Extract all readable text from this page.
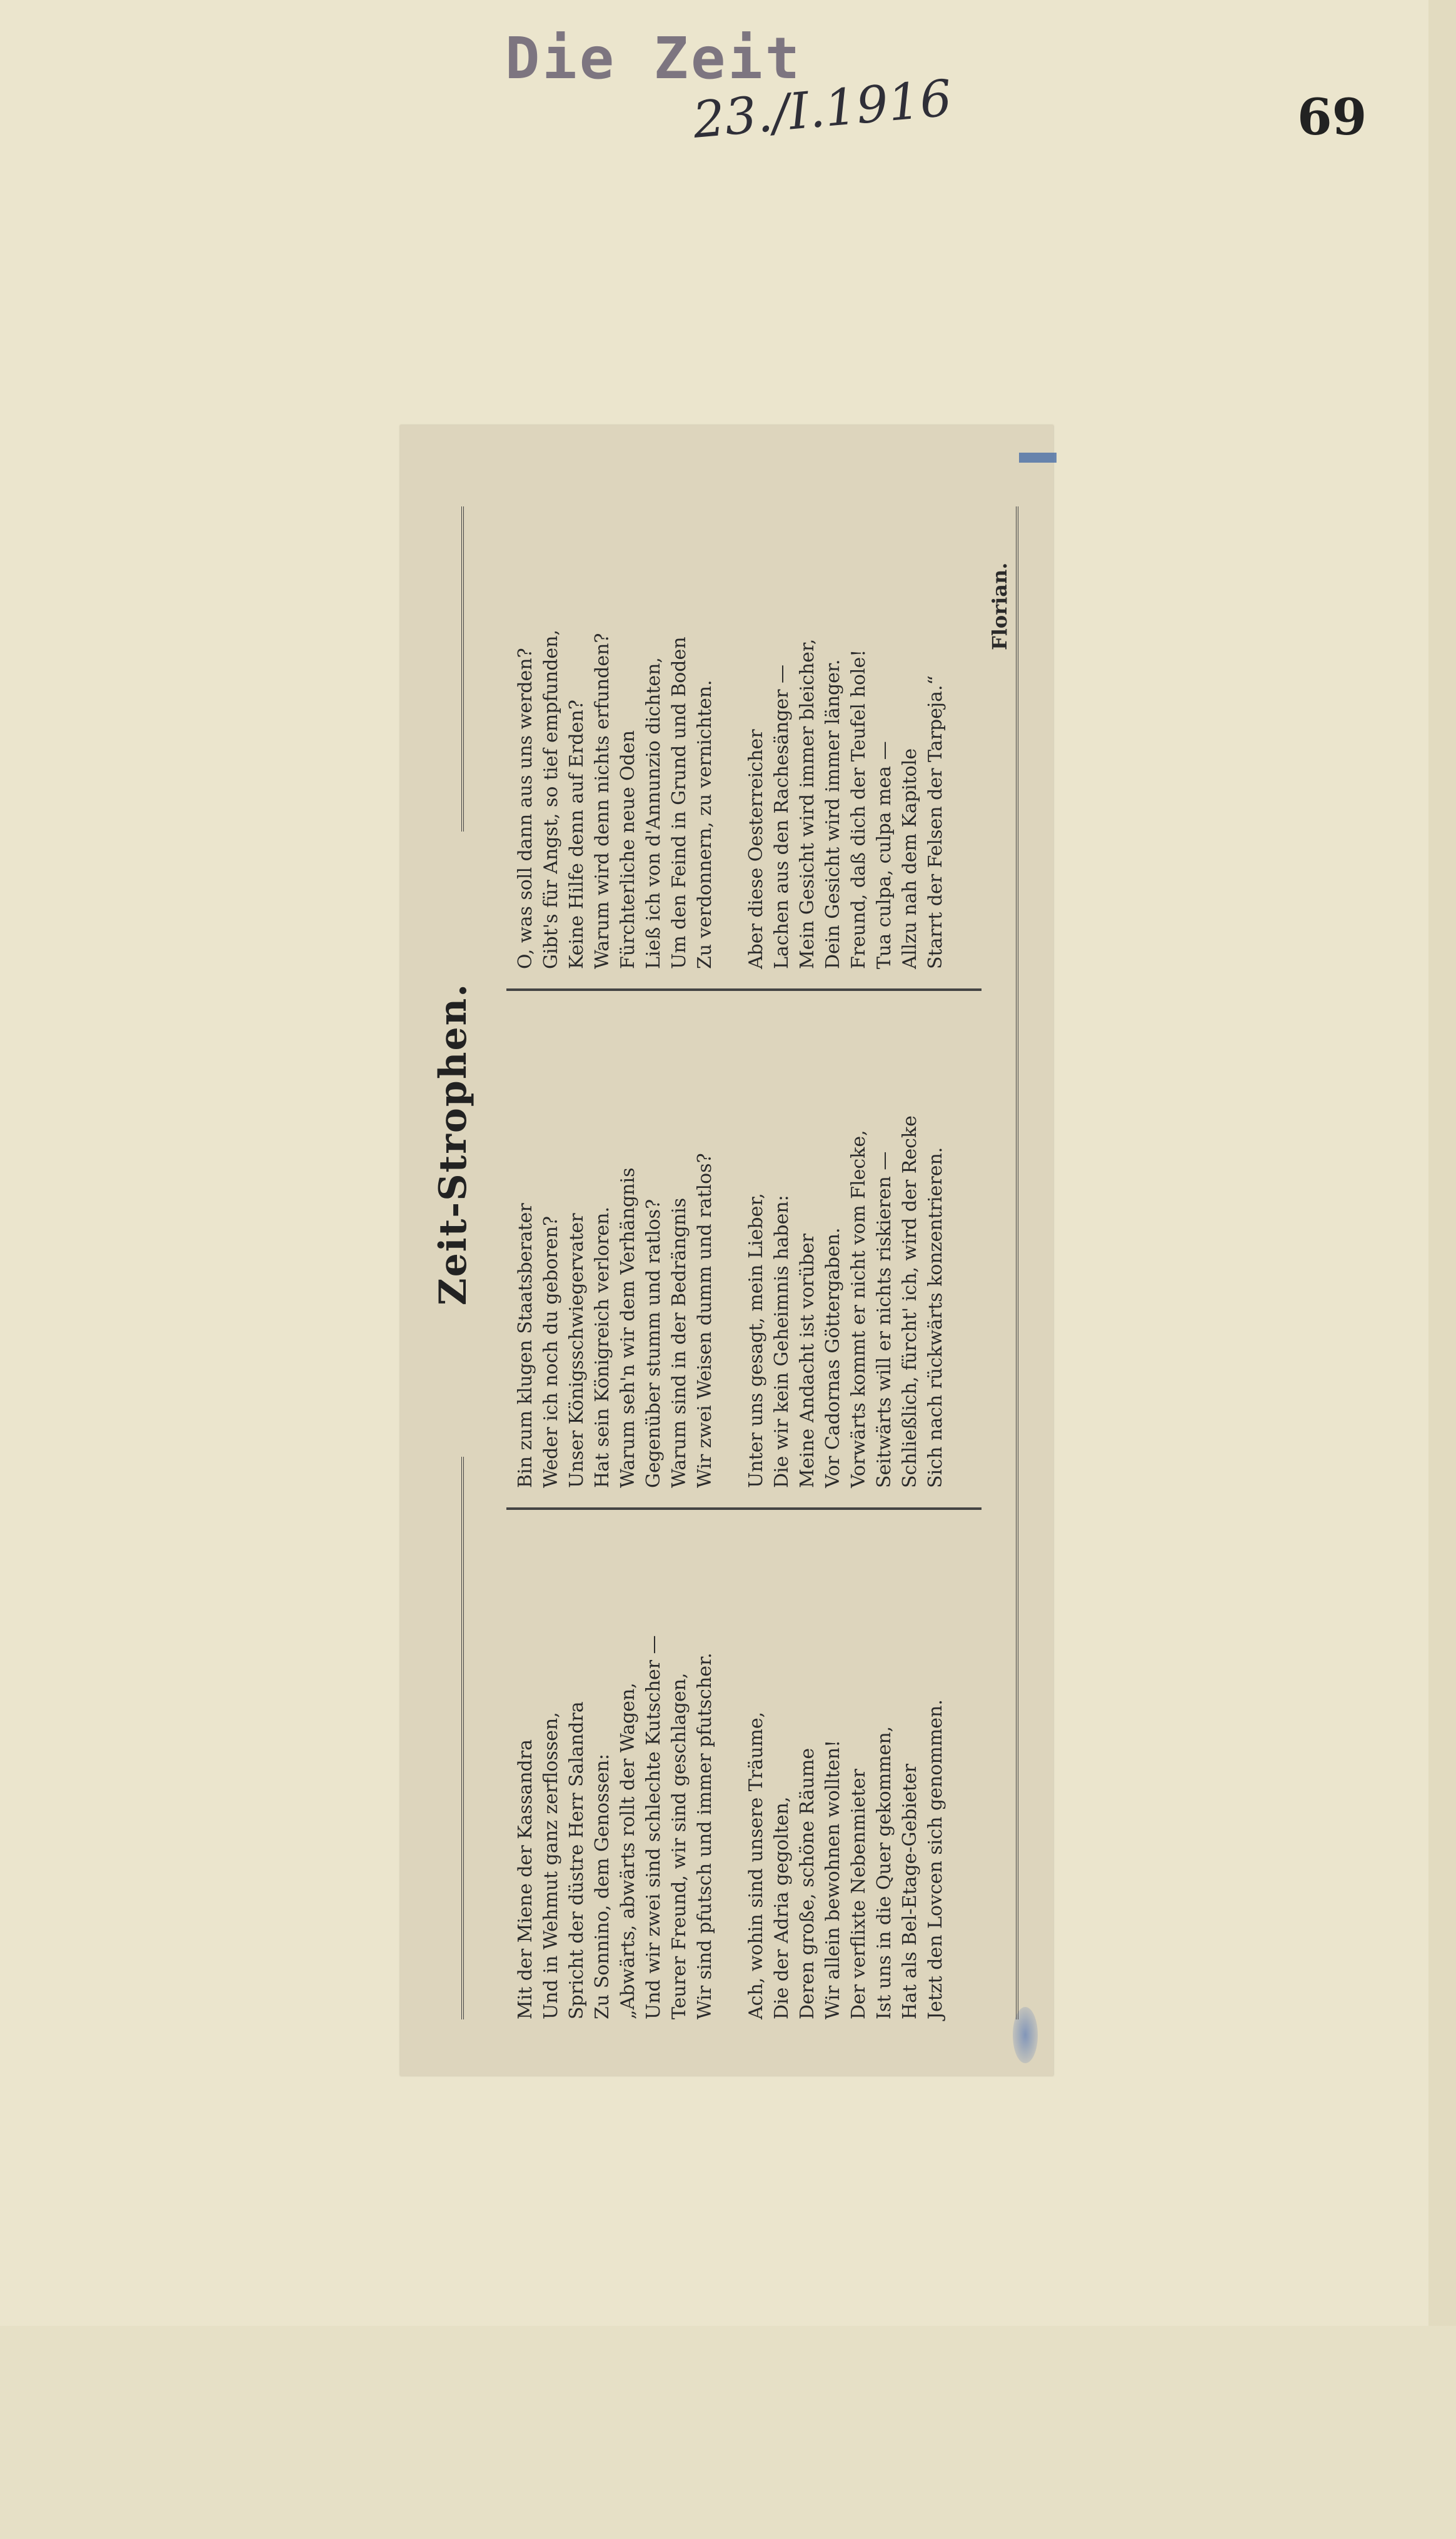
Die Zeit
23./I.1916	69
Zeit-Strophen.
Mit der Miene der Kassandra Und in Wehmut ganz zerflossen, Spricht der düstre Herr Salandra Zu Sonnino, dem Genossen: „Abwärts, abwärts rollt der Wagen, Und wir zwei sind schlechte Kutscher — Teurer Freund, wir sind geschlagen, Wir sind pfutsch und immer pfutscher. Ach, wohin sind unsere Träume, Die der Adria gegolten, Deren große, schöne Räume Wir allein bewohnen wollten! Der verflixte Nebenmieter Ist uns in die Quer gekommen, Hat als Bel-Etage-Gebieter Jetzt den Lovcen sich genommen.
Bin zum klugen Staatsberater Weder ich noch du geboren? Unser Königsschwiegervater Hat sein Königreich verloren. Warum seh'n wir dem Verhängnis Gegenüber stumm und ratlos? Warum sind in der Bedrängnis Wir zwei Weisen dumm und ratlos? Unter uns gesagt, mein Lieber, Die wir kein Geheimnis haben: Meine Andacht ist vorüber Vor Cadornas Göttergaben. Vorwärts kommt er nicht vom Flecke, Seitwärts will er nichts riskieren — Schließlich, fürcht' ich, wird der Recke Sich nach rückwärts konzentrieren.
O, was soll dann aus uns werden? Gibt's für Angst, so tief empfunden, Keine Hilfe denn auf Erden? Warum wird denn nichts erfunden? Fürchterliche neue Oden Ließ ich von d'Annunzio dichten, Um den Feind in Grund und Boden Zu verdonnern, zu vernichten. Aber diese Oesterreicher Lachen aus den Rachesänger — Mein Gesicht wird immer bleicher, Dein Gesicht wird immer länger. Freund, daß dich der Teufel hole! Tua culpa, culpa mea — Allzu nah dem Kapitole Starrt der Felsen der Tarpeja.“
Florian.
